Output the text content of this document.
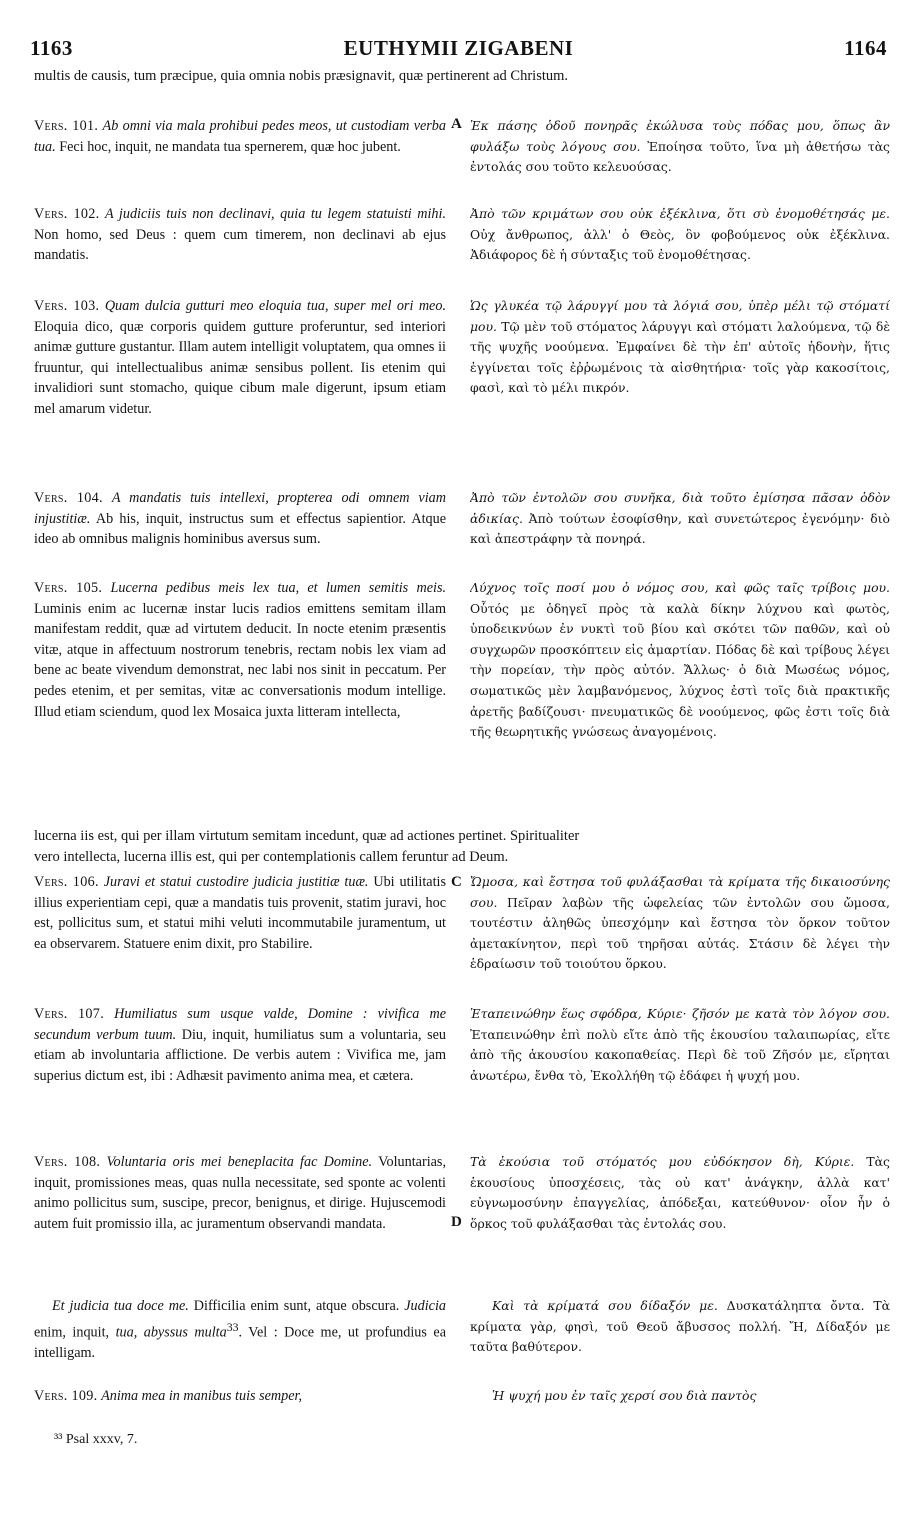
1163	EUTHYMII ZIGABENI	1164
multis de causis, tum præcipue, quia omnia nobis præsignavit, quæ pertinerent ad Christum.
A
C
D

Vers. 101. Ab omni via mala prohibui pedes meos, ut custodiam verba tua. Feci hoc, inquit, ne mandata tua spernerem, quæ hoc jubent.

Ἐκ πάσης ὁδοῦ πονηρᾶς ἐκώλυσα τοὺς πόδας μου, ὅπως ἂν φυλάξω τοὺς λόγους σου. Ἐποίησα τοῦτο, ἵνα μὴ ἀθετήσω τὰς ἐντολάς σου τοῦτο κελευούσας.

Vers. 102. A judiciis tuis non declinavi, quia tu legem statuisti mihi. Non homo, sed Deus : quem cum timerem, non declinavi ab ejus mandatis.

Ἀπὸ τῶν κριμάτων σου οὐκ ἐξέκλινα, ὅτι σὺ ἐνομοθέτησάς με. Οὐχ ἄνθρωπος, ἀλλ' ὁ Θεὸς, ὃν φοβούμενος οὐκ ἐξέκλινα. Ἀδιάφορος δὲ ἡ σύνταξις τοῦ ἐνομοθέτησας.

Vers. 103. Quam dulcia gutturi meo eloquia tua, super mel ori meo. Eloquia dico, quæ corporis quidem gutture proferuntur, sed interiori animæ gutture gustantur. Illam autem intelligit voluptatem, qua omnes ii fruuntur, qui intellectualibus animæ sensibus pollent. Iis etenim qui invalidiori sunt stomacho, quique cibum male digerunt, ipsum etiam mel amarum videtur.

Ὡς γλυκέα τῷ λάρυγγί μου τὰ λόγιά σου, ὑπὲρ μέλι τῷ στόματί μου. Τῷ μὲν τοῦ στόματος λάρυγγι καὶ στόματι λαλούμενα, τῷ δὲ τῆς ψυχῆς νοούμενα. Ἐμφαίνει δὲ τὴν ἐπ' αὐτοῖς ἡδονὴν, ἥτις ἐγγίνεται τοῖς ἐῤῥωμένοις τὰ αἰσθητήρια· τοῖς γὰρ κακοσίτοις, φασὶ, καὶ τὸ μέλι πικρόν.

Vers. 104. A mandatis tuis intellexi, propterea odi omnem viam injustitiæ. Ab his, inquit, instructus sum et effectus sapientior. Atque ideo ab omnibus malignis hominibus aversus sum.

Ἀπὸ τῶν ἐντολῶν σου συνῆκα, διὰ τοῦτο ἐμίσησα πᾶσαν ὁδὸν ἀδικίας. Ἀπὸ τούτων ἐσοφίσθην, καὶ συνετώτερος ἐγενόμην· διὸ καὶ ἀπεστράφην τὰ πονηρά.

Vers. 105. Lucerna pedibus meis lex tua, et lumen semitis meis. Luminis enim ac lucernæ instar lucis radios emittens semitam illam manifestam reddit, quæ ad virtutem deducit. In nocte etenim præsentis vitæ, atque in affectuum nostrorum tenebris, rectam nobis lex viam ad bene ac beate vivendum demonstrat, nec labi nos sinit in peccatum. Per pedes etenim, et per semitas, vitæ ac conversationis modum intellige. Illud etiam sciendum, quod lex Mosaica juxta litteram intellecta,

Λύχνος τοῖς ποσί μου ὁ νόμος σου, καὶ φῶς ταῖς τρίβοις μου. Οὗτός με ὁδηγεῖ πρὸς τὰ καλὰ δίκην λύχνου καὶ φωτὸς, ὑποδεικνύων ἐν νυκτὶ τοῦ βίου καὶ σκότει τῶν παθῶν, καὶ οὐ συγχωρῶν προσκόπτειν εἰς ἁμαρτίαν. Πόδας δὲ καὶ τρίβους λέγει τὴν πορείαν, τὴν πρὸς αὐτόν. Ἄλλως· ὁ διὰ Μωσέως νόμος, σωματικῶς μὲν λαμβανόμενος, λύχνος ἐστὶ τοῖς διὰ πρακτικῆς ἀρετῆς βαδίζουσι· πνευματικῶς δὲ νοούμενος, φῶς ἐστι τοῖς διὰ τῆς θεωρητικῆς γνώσεως ἀναγομένοις.

lucerna iis est, qui per illam virtutum semitam incedunt, quæ ad actiones pertinet. Spiritualiter
vero intellecta, lucerna illis est, qui per contemplationis callem feruntur ad Deum.

Vers. 106. Juravi et statui custodire judicia justitiæ tuæ. Ubi utilitatis illius experientiam cepi, quæ a mandatis tuis provenit, statim juravi, hoc est, pollicitus sum, et statui mihi veluti incommutabile juramentum, ut ea observarem. Statuere enim dixit, pro Stabilire.

Ὤμοσα, καὶ ἔστησα τοῦ φυλάξασθαι τὰ κρίματα τῆς δικαιοσύνης σου. Πεῖραν λαβὼν τῆς ὠφελείας τῶν ἐντολῶν σου ὤμοσα, τουτέστιν ἀληθῶς ὑπεσχόμην καὶ ἔστησα τὸν ὅρκον τοῦτον ἀμετακίνητον, περὶ τοῦ τηρῆσαι αὐτάς. Στάσιν δὲ λέγει τὴν ἑδραίωσιν τοῦ τοιούτου ὅρκου.

Vers. 107. Humiliatus sum usque valde, Domine : vivifica me secundum verbum tuum. Diu, inquit, humiliatus sum a voluntaria, seu etiam ab involuntaria afflictione. De verbis autem : Vivifica me, jam superius dictum est, ibi : Adhæsit pavimento anima mea, et cætera.

Ἐταπεινώθην ἕως σφόδρα, Κύριε· ζῆσόν με κατὰ τὸν λόγον σου. Ἐταπεινώθην ἐπὶ πολὺ εἴτε ἀπὸ τῆς ἑκουσίου ταλαιπωρίας, εἴτε ἀπὸ τῆς ἀκουσίου κακοπαθείας. Περὶ δὲ τοῦ Ζῆσόν με, εἴρηται ἀνωτέρω, ἔνθα τὸ, Ἐκολλήθη τῷ ἐδάφει ἡ ψυχή μου.

Vers. 108. Voluntaria oris mei beneplacita fac Domine. Voluntarias, inquit, promissiones meas, quas nulla necessitate, sed sponte ac volenti animo pollicitus sum, suscipe, precor, benignus, et dirige. Hujuscemodi autem fuit promissio illa, ac juramentum observandi mandata.

Τὰ ἑκούσια τοῦ στόματός μου εὐδόκησον δὴ, Κύριε. Τὰς ἑκουσίους ὑποσχέσεις, τὰς οὐ κατ' ἀνάγκην, ἀλλὰ κατ' εὐγνωμοσύνην ἐπαγγελίας, ἀπόδεξαι, κατεύθυνον· οἷον ἦν ὁ ὅρκος τοῦ φυλάξασθαι τὰς ἐντολάς σου.

Et judicia tua doce me. Difficilia enim sunt, atque obscura. Judicia enim, inquit, tua, abyssus multa$^{33}$. Vel : Doce me, ut profundius ea intelligam.

Καὶ τὰ κρίματά σου δίδαξόν με. Δυσκατάληπτα ὄντα. Τὰ κρίματα γὰρ, φησὶ, τοῦ Θεοῦ ἄβυσσος πολλή. Ἤ, Δίδαξόν με ταῦτα βαθύτερον.

Vers. 109. Anima mea in manibus tuis semper,	Ἡ ψυχή μου ἐν ταῖς χερσί σου διὰ παντὸς

³³ Psal xxxv, 7.
